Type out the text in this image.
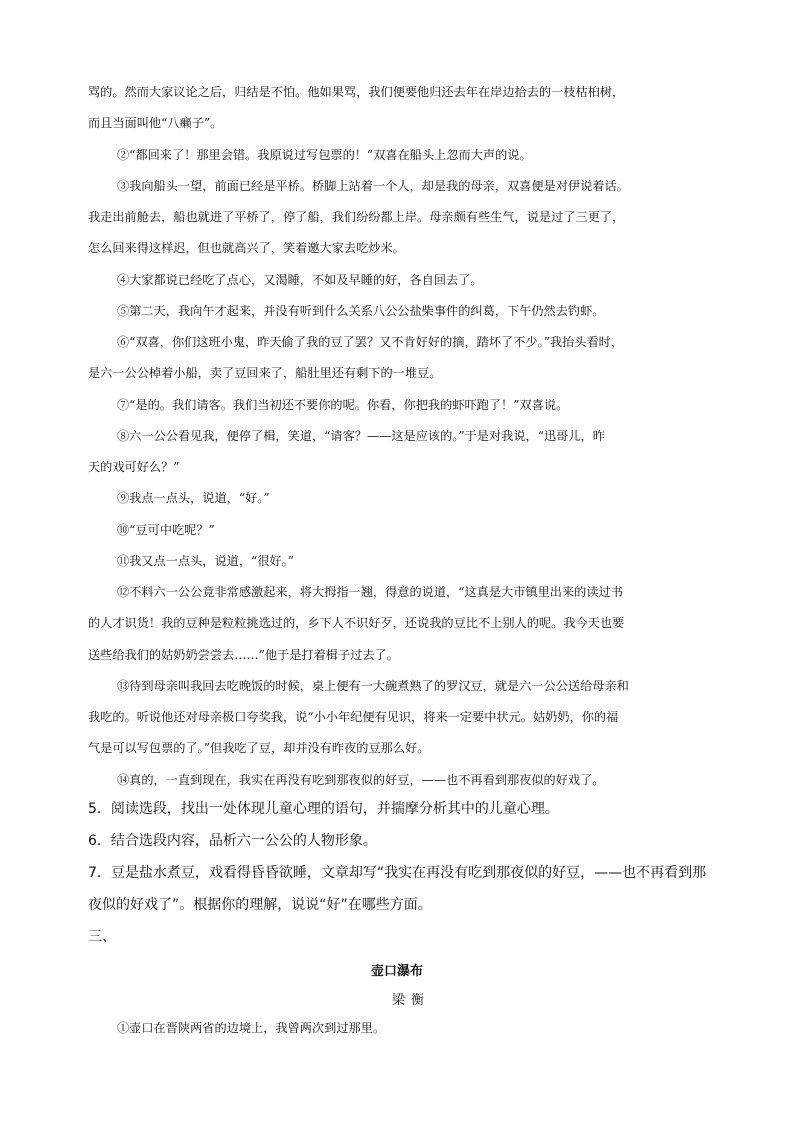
骂的。然而大家议论之后，归结是不怕。他如果骂，我们便要他归还去年在岸边拾去的一枝枯桕树，
而且当面叫他“八癞子”。
②“都回来了！那里会错。我原说过写包票的！”双喜在船头上忽而大声的说。
③我向船头一望，前面已经是平桥。桥脚上站着一个人，却是我的母亲，双喜便是对伊说着话。
我走出前舱去，船也就进了平桥了，停了船，我们纷纷都上岸。母亲颇有些生气，说是过了三更了，
怎么回来得这样迟，但也就高兴了，笑着邀大家去吃炒米。
④大家都说已经吃了点心，又渴睡，不如及早睡的好，各自回去了。
⑤第二天，我向午才起来，并没有听到什么关系八公公盐柴事件的纠葛，下午仍然去钓虾。
⑥“双喜，你们这班小鬼，昨天偷了我的豆了罢？又不肯好好的摘，踏坏了不少。”我抬头看时，
是六一公公棹着小船，卖了豆回来了，船肚里还有剩下的一堆豆。
⑦“是的。我们请客。我们当初还不要你的呢。你看，你把我的虾吓跑了！”双喜说。
⑧六一公公看见我，便停了楫，笑道，“请客？——这是应该的。”于是对我说，“迅哥儿，昨
天的戏可好么？”
⑨我点一点头，说道，“好。”
⑩“豆可中吃呢？”
⑪我又点一点头，说道，“很好。”
⑫不料六一公公竟非常感激起来，将大拇指一翘，得意的说道，“这真是大市镇里出来的读过书
的人才识货！我的豆种是粒粒挑选过的，乡下人不识好歹，还说我的豆比不上别人的呢。我今天也要
送些给我们的姑奶奶尝尝去……”他于是打着楫子过去了。
⑬待到母亲叫我回去吃晚饭的时候，桌上便有一大碗煮熟了的罗汉豆，就是六一公公送给母亲和
我吃的。听说他还对母亲极口夸奖我，说“小小年纪便有见识，将来一定要中状元。姑奶奶，你的福
气是可以写包票的了。”但我吃了豆，却并没有昨夜的豆那么好。
⑭真的，一直到现在，我实在再没有吃到那夜似的好豆，——也不再看到那夜似的好戏了。
5．阅读选段，找出一处体现儿童心理的语句，并揣摩分析其中的儿童心理。
6．结合选段内容，品析六一公公的人物形象。
7．豆是盐水煮豆，戏看得昏昏欲睡，文章却写“我实在再没有吃到那夜似的好豆，——也不再看到那
夜似的好戏了”。根据你的理解，说说“好”在哪些方面。
三、
壶口瀑布
梁衡
①壶口在晋陕两省的边境上，我曾两次到过那里。
